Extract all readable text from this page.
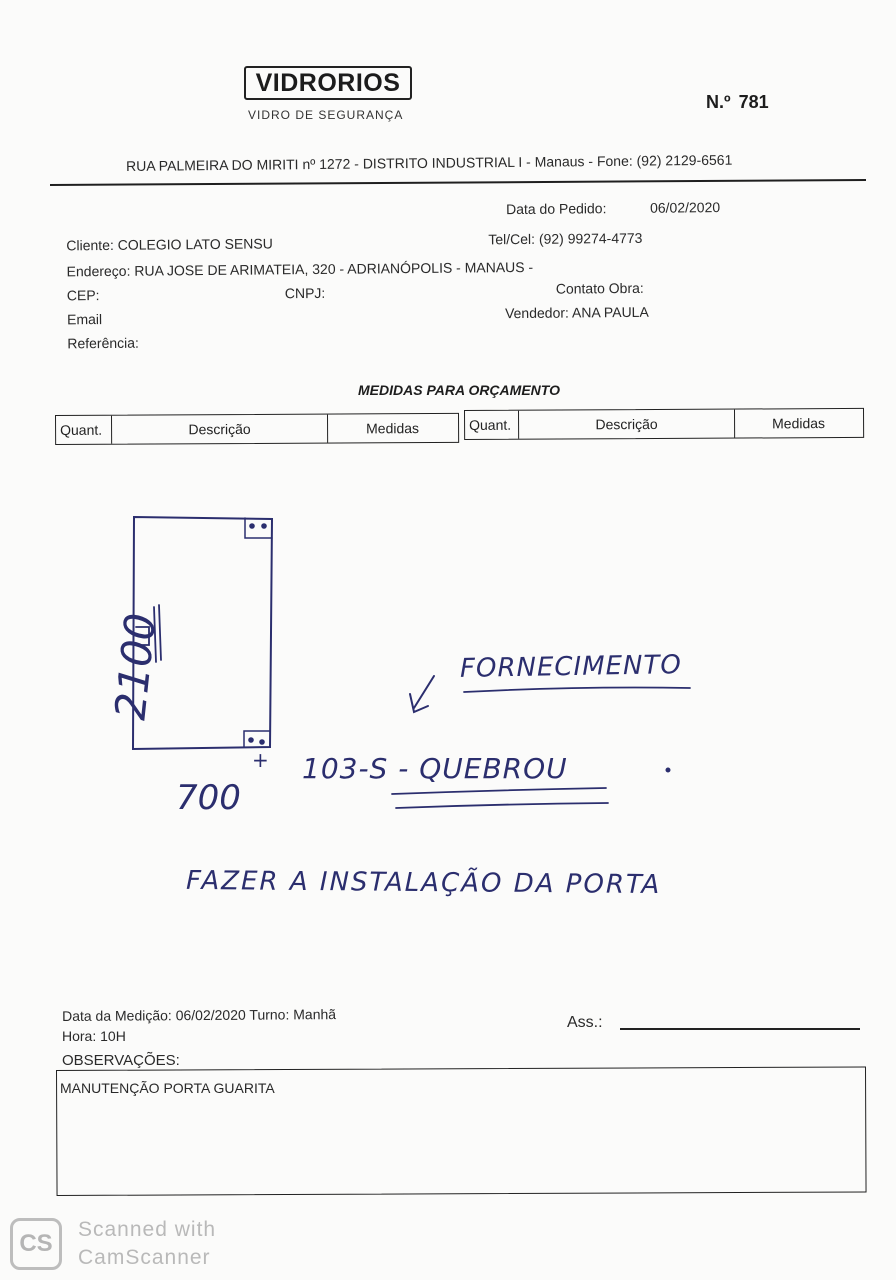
VIDRORIOS
VIDRO DE SEGURANÇA
N.º 781
RUA PALMEIRA DO MIRITI nº 1272 - DISTRITO INDUSTRIAL I - Manaus - Fone: (92) 2129-6561
Data do Pedido:	06/02/2020
Cliente: COLEGIO LATO SENSU	Tel/Cel: (92) 99274-4773
Endereço: RUA JOSE DE ARIMATEIA, 320 - ADRIANÓPOLIS - MANAUS -
CEP:	CNPJ:	Contato Obra:
Email	Vendedor: ANA PAULA
Referência:
MEDIDAS PARA ORÇAMENTO
Quant.	Descrição	Medidas	Quant.	Descrição	Medidas
2100
700
+
FORNECIMENTO
103-S - QUEBROU
FAZER A INSTALAÇÃO DA PORTA
Data da Medição: 06/02/2020 Turno: Manhã
Hora: 10H
Ass.:
OBSERVAÇÕES:
MANUTENÇÃO PORTA GUARITA
CS
Scanned with
CamScanner
